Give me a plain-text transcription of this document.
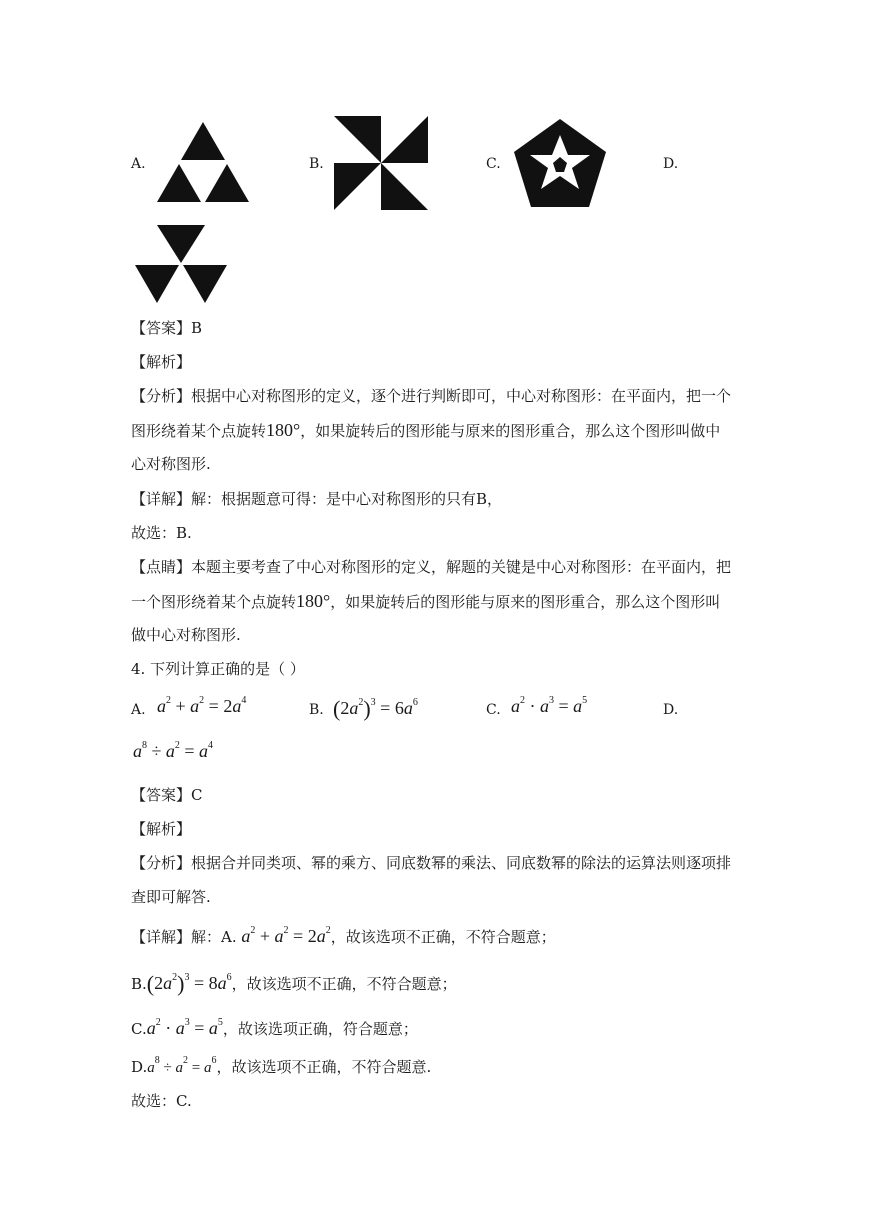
A.	B.	C.	D.
【答案】B
【解析】
【分析】根据中心对称图形的定义，逐个进行判断即可，中心对称图形：在平面内，把一个
图形绕着某个点旋转180°，如果旋转后的图形能与原来的图形重合，那么这个图形叫做中
心对称图形.
【详解】解：根据题意可得：是中心对称图形的只有B，
故选：B.
【点睛】本题主要考查了中心对称图形的定义，解题的关键是中心对称图形：在平面内，把
一个图形绕着某个点旋转180°，如果旋转后的图形能与原来的图形重合，那么这个图形叫
做中心对称图形.
4. 下列计算正确的是（ ）
A. $a^2 + a^2 = 2a^4$
B. $(2a^2)^3 = 6a^6$	C. $a^2 \cdot a^3 = a^5$
D.
$a^8 \div a^2 = a^4$
【答案】C
【解析】
【分析】根据合并同类项、幂的乘方、同底数幂的乘法、同底数幂的除法的运算法则逐项排
查即可解答.
【详解】解：A. $a^2 + a^2 = 2a^2$，故该选项不正确，不符合题意；
$B.(2a^2)^3 = 8a^6$，故该选项不正确，不符合题意；
$C.a^2 \cdot a^3 = a^5$，故该选项正确，符合题意；
$D.a^8 \div a^2 = a^6$，故该选项不正确，不符合题意.
故选：C.
